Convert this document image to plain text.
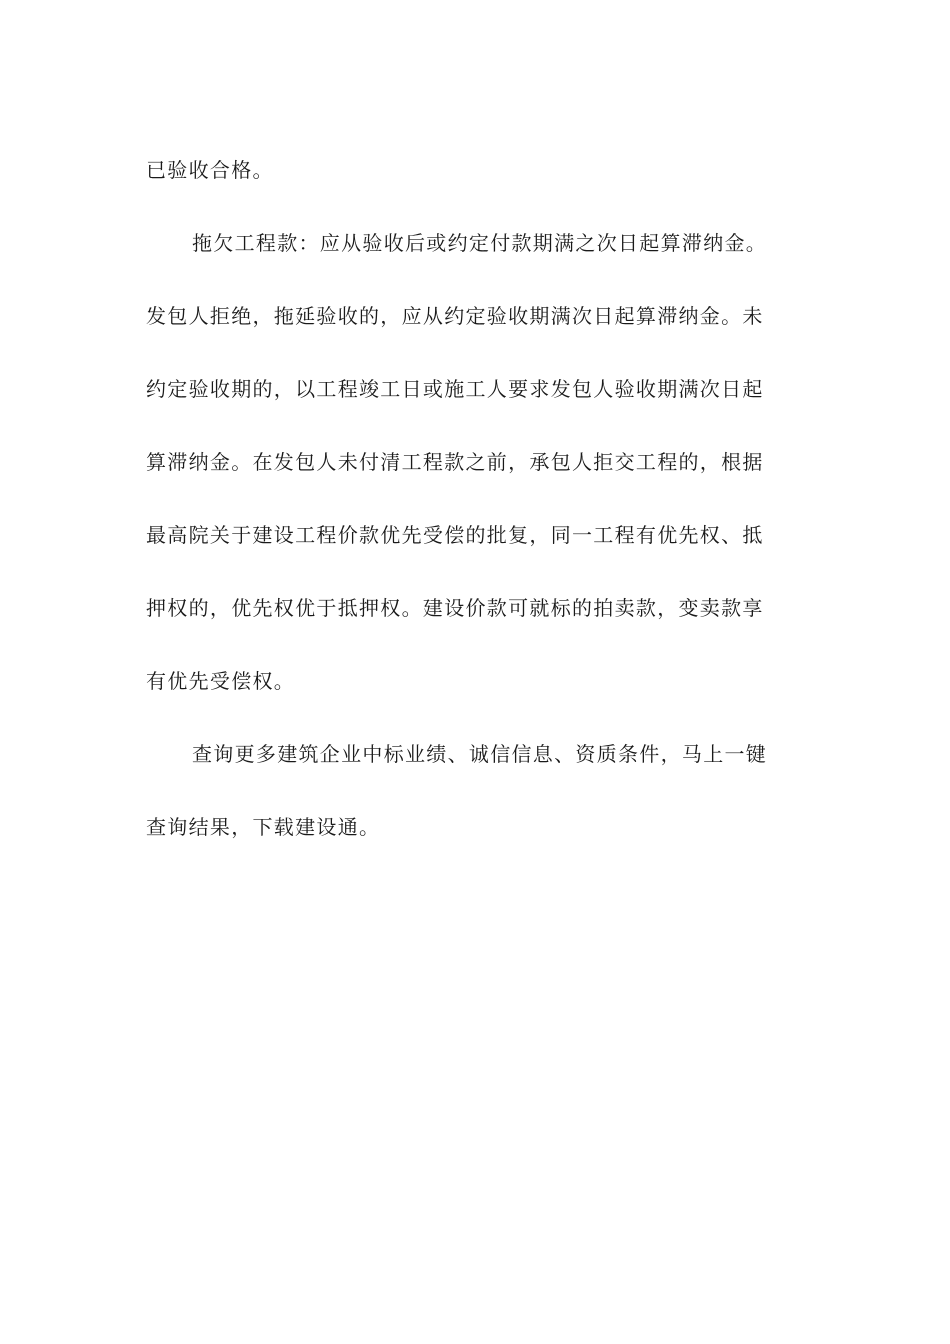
已验收合格。
拖欠工程款：应从验收后或约定付款期满之次日起算滞纳金。
发包人拒绝，拖延验收的，应从约定验收期满次日起算滞纳金。未
约定验收期的，以工程竣工日或施工人要求发包人验收期满次日起
算滞纳金。在发包人未付清工程款之前，承包人拒交工程的，根据
最高院关于建设工程价款优先受偿的批复，同一工程有优先权、抵
押权的，优先权优于抵押权。建设价款可就标的拍卖款，变卖款享
有优先受偿权。
查询更多建筑企业中标业绩、诚信信息、资质条件，马上一键
查询结果，下载建设通。
